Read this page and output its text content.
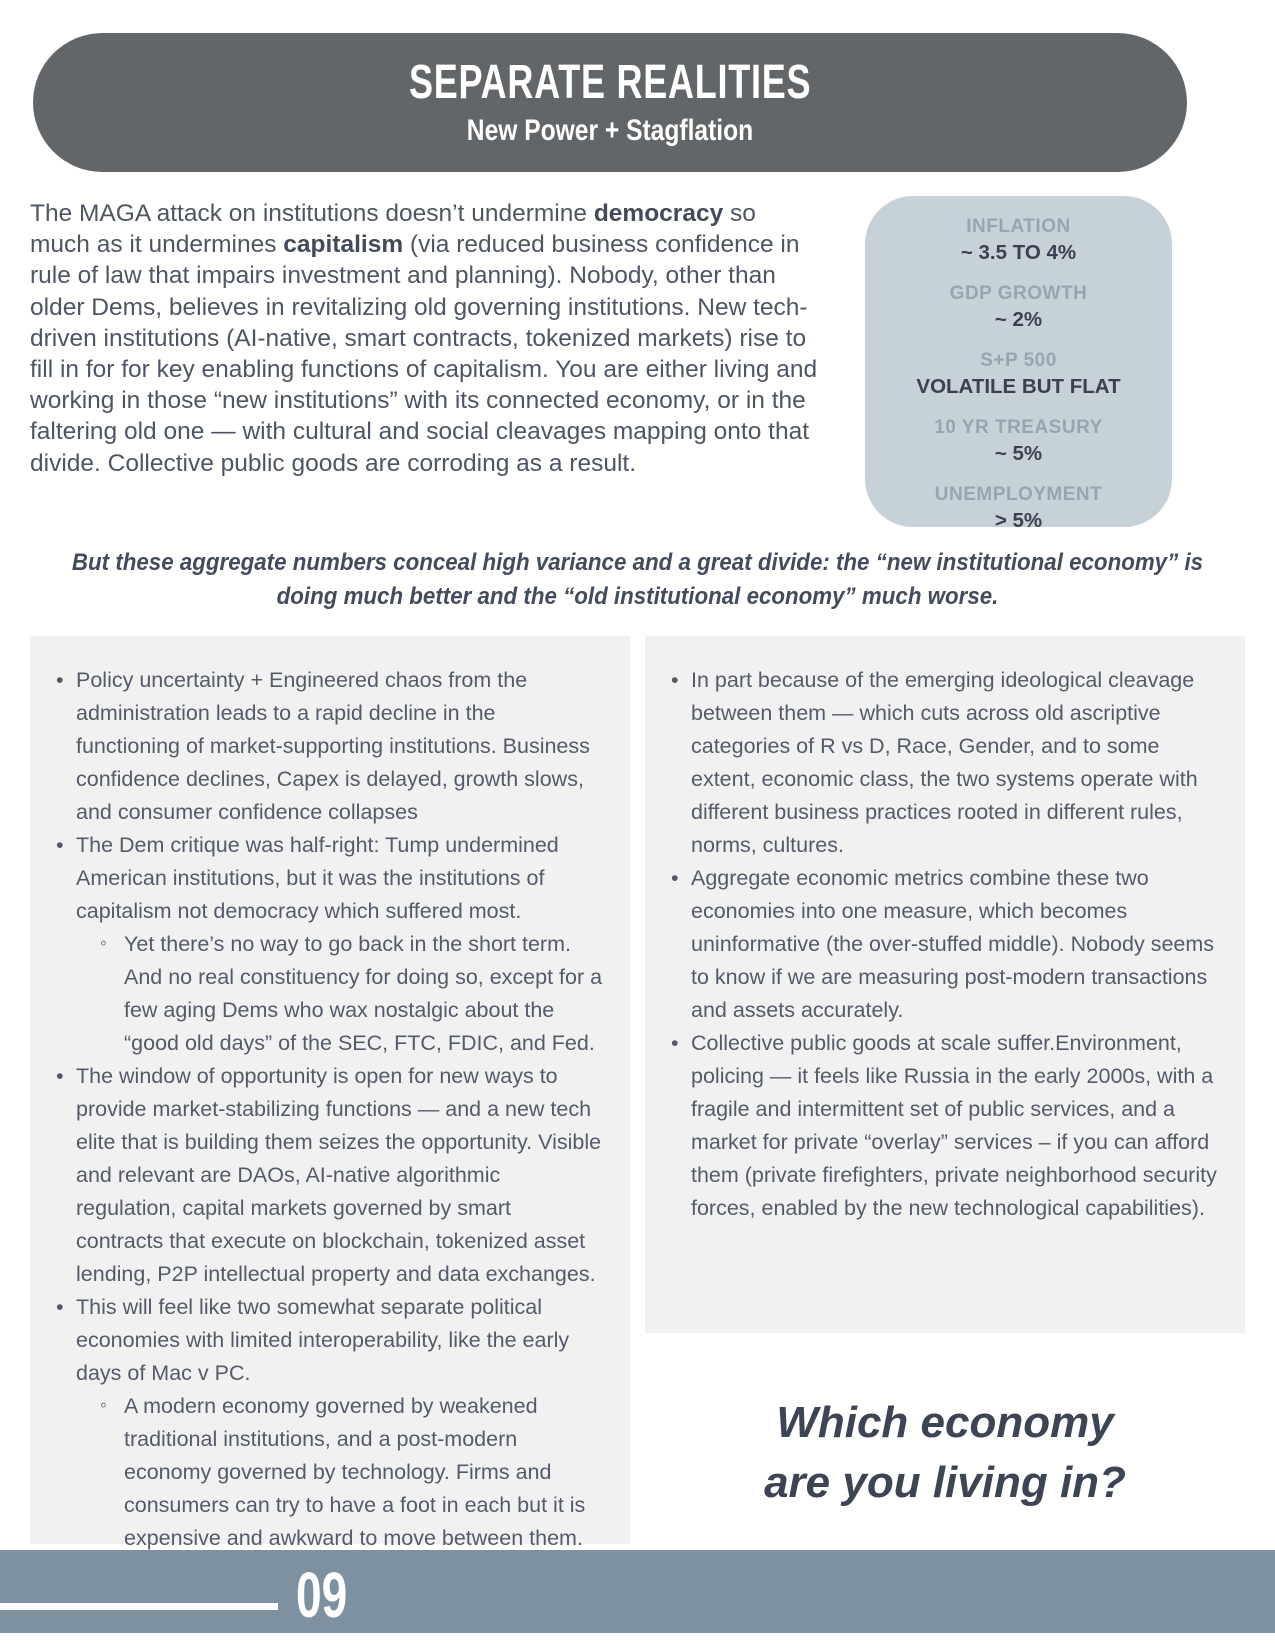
SEPARATE REALITIES
New Power + Stagflation

The MAGA attack on institutions doesn’t undermine democracy so much as it undermines capitalism (via reduced business confidence in rule of law that impairs investment and planning). Nobody, other than older Dems, believes in revitalizing old governing institutions. New tech-driven institutions (AI-native, smart contracts, tokenized markets) rise to fill in for for key enabling functions of capitalism. You are either living and working in those “new institutions” with its connected economy, or in the faltering old one — with cultural and social cleavages mapping onto that divide. Collective public goods are corroding as a result.

INFLATION
~ 3.5 TO 4%
GDP GROWTH
~ 2%
S+P 500
VOLATILE BUT FLAT
10 YR TREASURY
~ 5%
UNEMPLOYMENT
> 5%
But these aggregate numbers conceal high variance and a great divide: the “new institutional economy” is
doing much better and the “old institutional economy” much worse.
• Policy uncertainty + Engineered chaos from the administration leads to a rapid decline in the functioning of market-supporting institutions. Business confidence declines, Capex is delayed, growth slows, and consumer confidence collapses
• The Dem critique was half-right: Tump undermined American institutions, but it was the institutions of capitalism not democracy which suffered most.
◦ Yet there’s no way to go back in the short term. And no real constituency for doing so, except for a few aging Dems who wax nostalgic about the “good old days” of the SEC, FTC, FDIC, and Fed.
• The window of opportunity is open for new ways to provide market-stabilizing functions — and a new tech elite that is building them seizes the opportunity. Visible and relevant are DAOs, AI-native algorithmic regulation, capital markets governed by smart contracts that execute on blockchain, tokenized asset lending, P2P intellectual property and data exchanges.
• This will feel like two somewhat separate political economies with limited interoperability, like the early days of Mac v PC.
◦ A modern economy governed by weakened traditional institutions, and a post-modern economy governed by technology. Firms and consumers can try to have a foot in each but it is expensive and awkward to move between them.
• In part because of the emerging ideological cleavage between them — which cuts across old ascriptive categories of R vs D, Race, Gender, and to some extent, economic class, the two systems operate with different business practices rooted in different rules, norms, cultures.
• Aggregate economic metrics combine these two economies into one measure, which becomes uninformative (the over-stuffed middle). Nobody seems to know if we are measuring post-modern transactions and assets accurately.
• Collective public goods at scale suffer.Environment, policing — it feels like Russia in the early 2000s, with a fragile and intermittent set of public services, and a market for private “overlay” services – if you can afford them (private firefighters, private neighborhood security forces, enabled by the new technological capabilities).
Which economy
are you living in?
09
